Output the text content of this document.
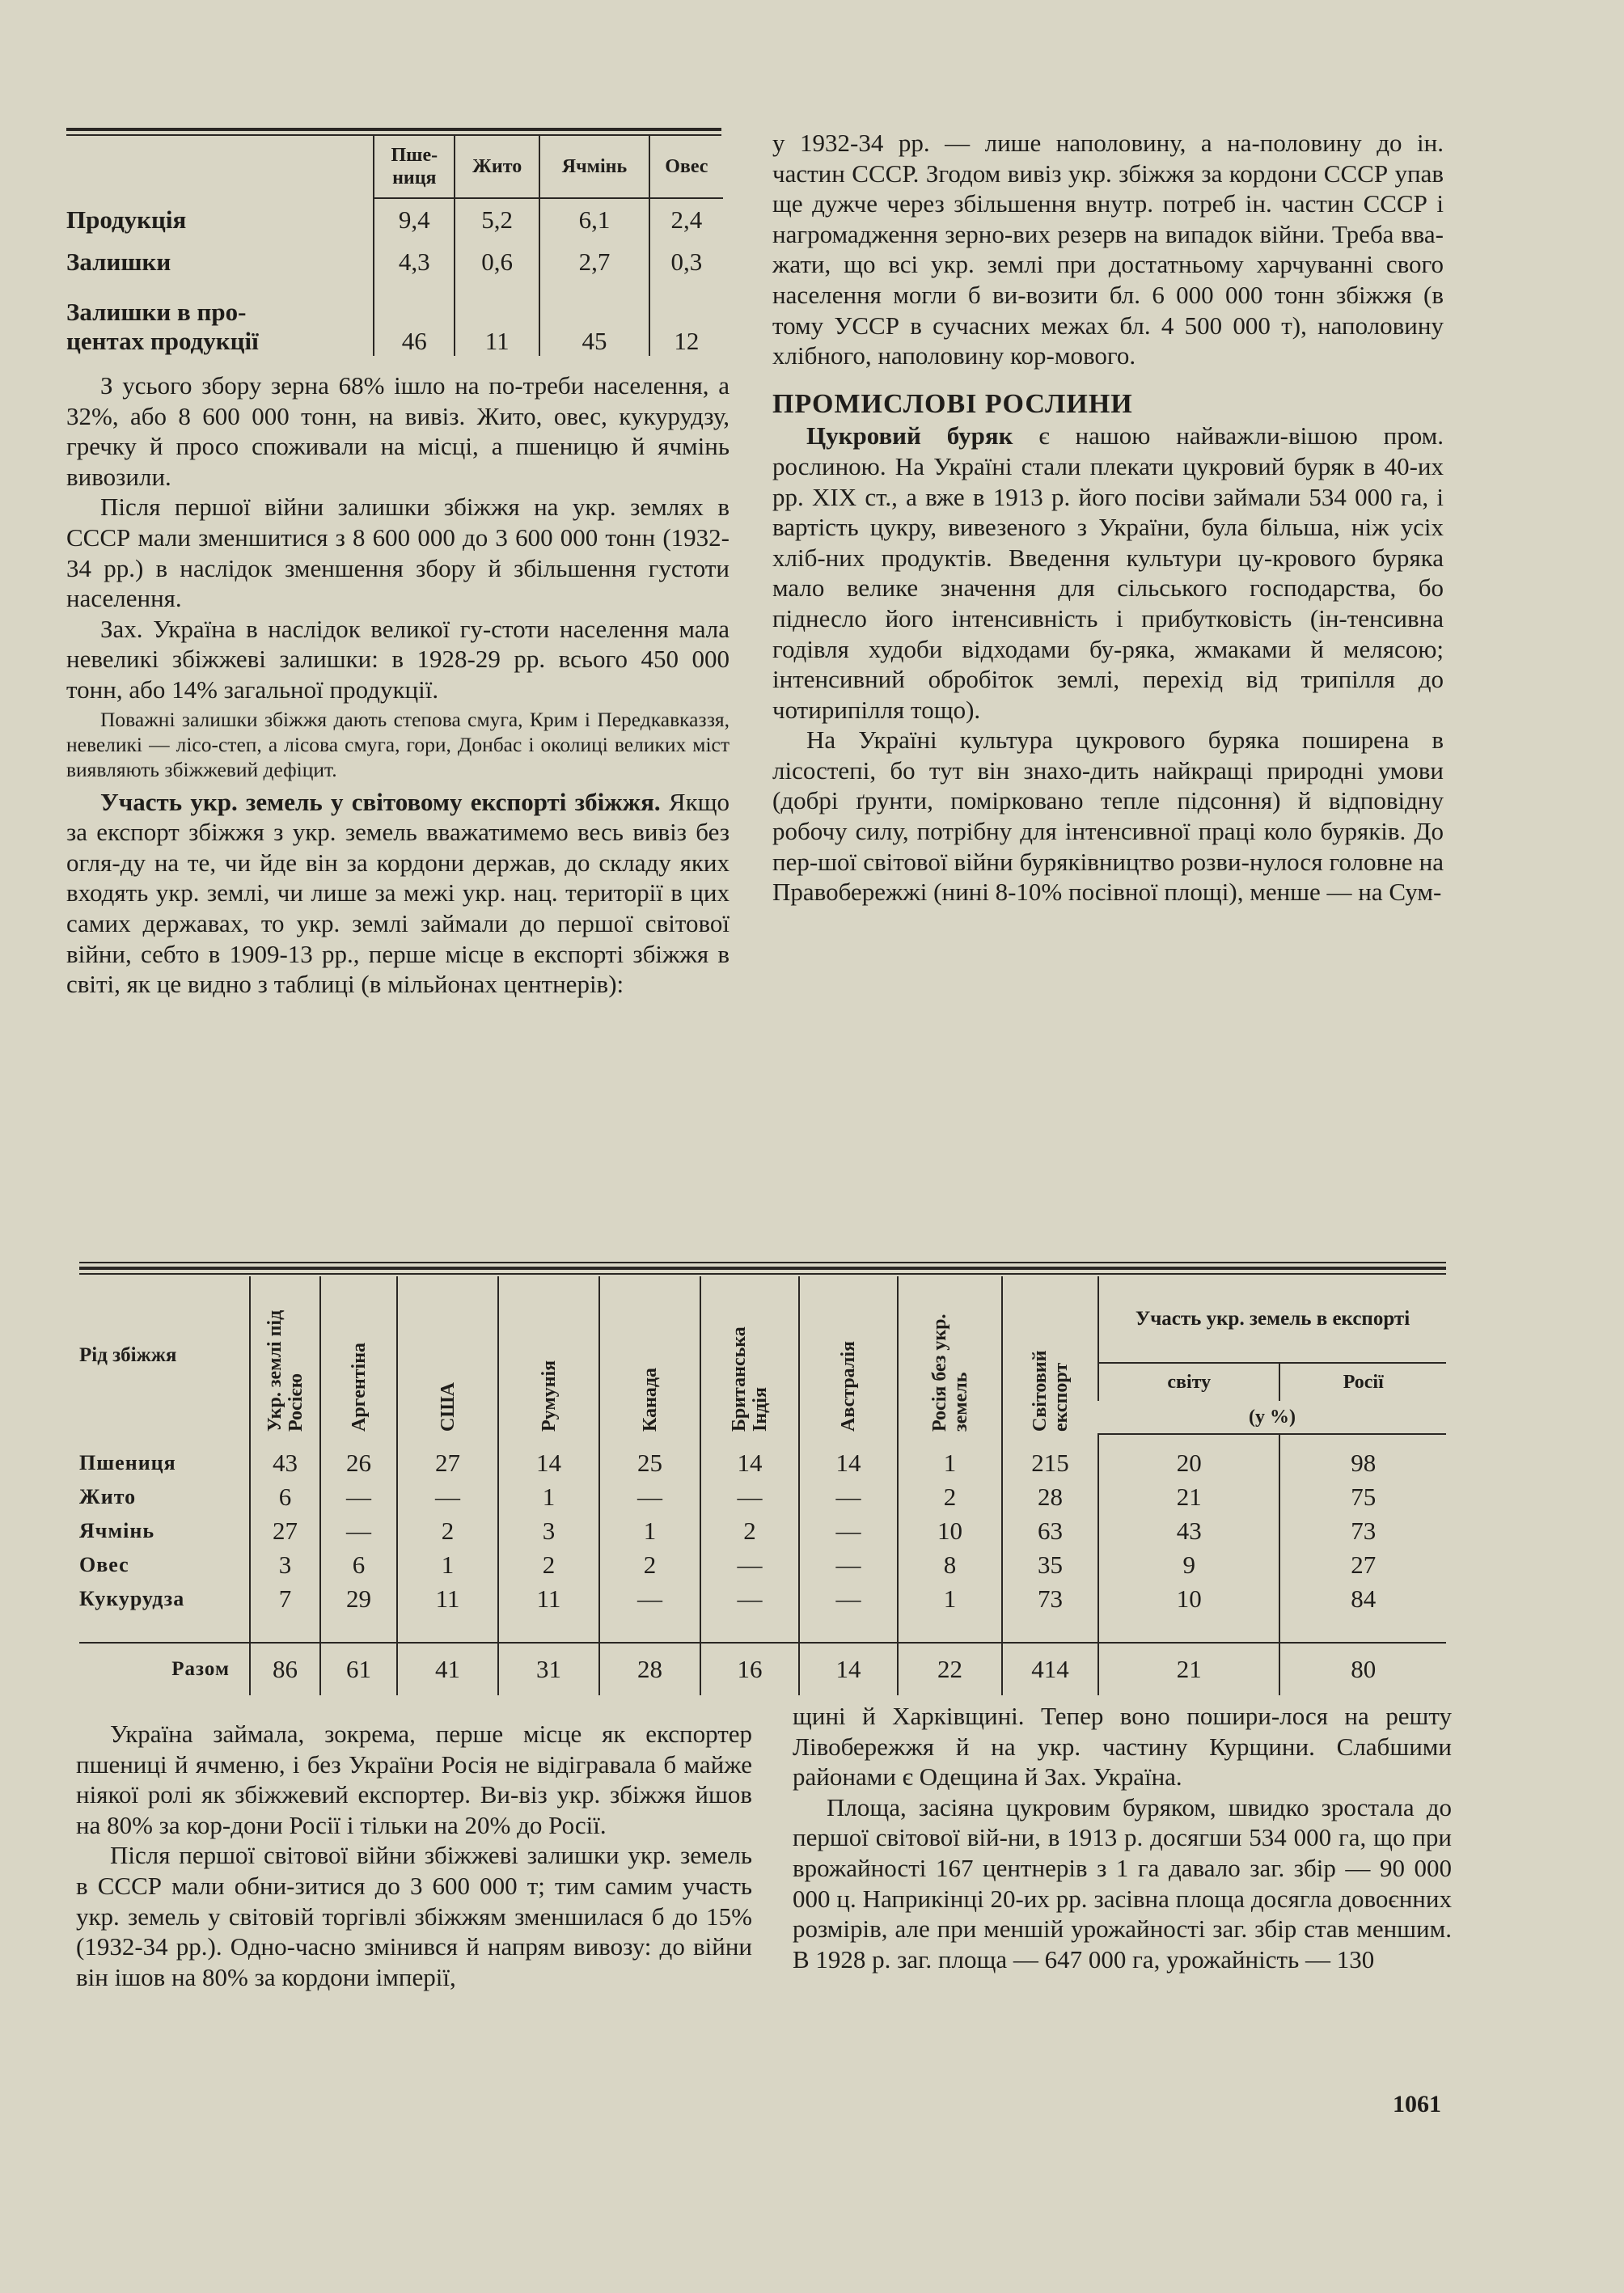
	Пше-
ниця	Жито	Ячмінь	Овес
Продукція	9,4	5,2	6,1	2,4
Залишки	4,3	0,6	2,7	0,3
Залишки в про-
центах продукції	46	11	45	12

З усього збору зерна 68% ішло на по-треби населення, а 32%, або 8 600 000 тонн, на вивіз. Жито, овес, кукурудзу, гречку й просо споживали на місці, а пшеницю й ячмінь вивозили.

Після першої війни залишки збіжжя на укр. землях в СССР мали зменшитися з 8 600 000 до 3 600 000 тонн (1932-34 рр.) в наслідок зменшення збору й збільшення густоти населення.

Зах. Україна в наслідок великої гу-стоти населення мала невеликі збіжжеві залишки: в 1928-29 рр. всього 450 000 тонн, або 14% загальної продукції.

Поважні залишки збіжжя дають степова смуга, Крим і Передкавказзя, невеликі — лісо-степ, а лісова смуга, гори, Донбас і околиці великих міст виявляють збіжжевий дефіцит.

Участь укр. земель у світовому експорті збіжжя. Якщо за експорт збіжжя з укр. земель вважатимемо весь вивіз без огля-ду на те, чи йде він за кордони держав, до складу яких входять укр. землі, чи лише за межі укр. нац. території в цих самих державах, то укр. землі займали до першої світової війни, себто в 1909-13 рр., перше місце в експорті збіжжя в світі, як це видно з таблиці (в мільйонах центнерів):

у 1932-34 рр. — лише наполовину, а на-половину до ін. частин СССР. Згодом вивіз укр. збіжжя за кордони СССР упав ще дужче через збільшення внутр. потреб ін. частин СССР і нагромадження зерно-вих резерв на випадок війни. Треба вва-жати, що всі укр. землі при достатньому харчуванні свого населення могли б ви-возити бл. 6 000 000 тонн збіжжя (в тому УССР в сучасних межах бл. 4 500 000 т), наполовину хлібного, наполовину кор-мового.

ПРОМИСЛОВІ РОСЛИНИ

Цукровий буряк є нашою найважли-вішою пром. рослиною. На Україні стали плекати цукровий буряк в 40-их рр. XIX ст., а вже в 1913 р. його посіви займали 534 000 га, і вартість цукру, вивезеного з України, була більша, ніж усіх хліб-них продуктів. Введення культури цу-крового буряка мало велике значення для сільського господарства, бо піднесло його інтенсивність і прибутковість (ін-тенсивна годівля худоби відходами бу-ряка, жмаками й мелясою; інтенсивний обробіток землі, перехід від трипілля до чотирипілля тощо).

На Україні культура цукрового буряка поширена в лісостепі, бо тут він знахо-дить найкращі природні умови (добрі ґрунти, помірковано тепле підсоння) й відповідну робочу силу, потрібну для інтенсивної праці коло буряків. До пер-шої світової війни буряківництво розви-нулося головне на Правобережжі (нині 8-10% посівної площі), менше — на Сум-

Рід збіжжя	Укр. землі під Росією	Аргентіна	США	Румунія	Канада	Британська Індія	Австралія	Росія без укр. земель	Світовий експорт	Участь укр. земель в експорті	
										світу	Росії
										(у %)	
Пшениця	43	26	27	14	25	14	14	1	215	20	98
Жито	6	—	—	1	—	—	—	2	28	21	75
Ячмінь	27	—	2	3	1	2	—	10	63	43	73
Овес	3	6	1	2	2	—	—	8	35	9	27
Кукурудза	7	29	11	11	—	—	—	1	73	10	84

Разом	86	61	41	31	28	16	14	22	414	21	80

Україна займала, зокрема, перше місце як експортер пшениці й ячменю, і без України Росія не відігравала б майже ніякої ролі як збіжжевий експортер. Ви-віз укр. збіжжя йшов на 80% за кор-дони Росії і тільки на 20% до Росії.

Після першої світової війни збіжжеві залишки укр. земель в СССР мали обни-зитися до 3 600 000 т; тим самим участь укр. земель у світовій торгівлі збіжжям зменшилася б до 15% (1932-34 рр.). Одно-часно змінився й напрям вивозу: до війни він ішов на 80% за кордони імперії,

щині й Харківщині. Тепер воно пошири-лося на решту Лівобережжя й на укр. частину Курщини. Слабшими районами є Одещина й Зах. Україна.

Площа, засіяна цукровим буряком, швидко зростала до першої світової вій-ни, в 1913 р. досягши 534 000 га, що при врожайності 167 центнерів з 1 га давало заг. збір — 90 000 000 ц. Наприкінці 20-их рр. засівна площа досягла довоєнних розмірів, але при меншій урожайності заг. збір став меншим. В 1928 р. заг. площа — 647 000 га, урожайність — 130

1061
